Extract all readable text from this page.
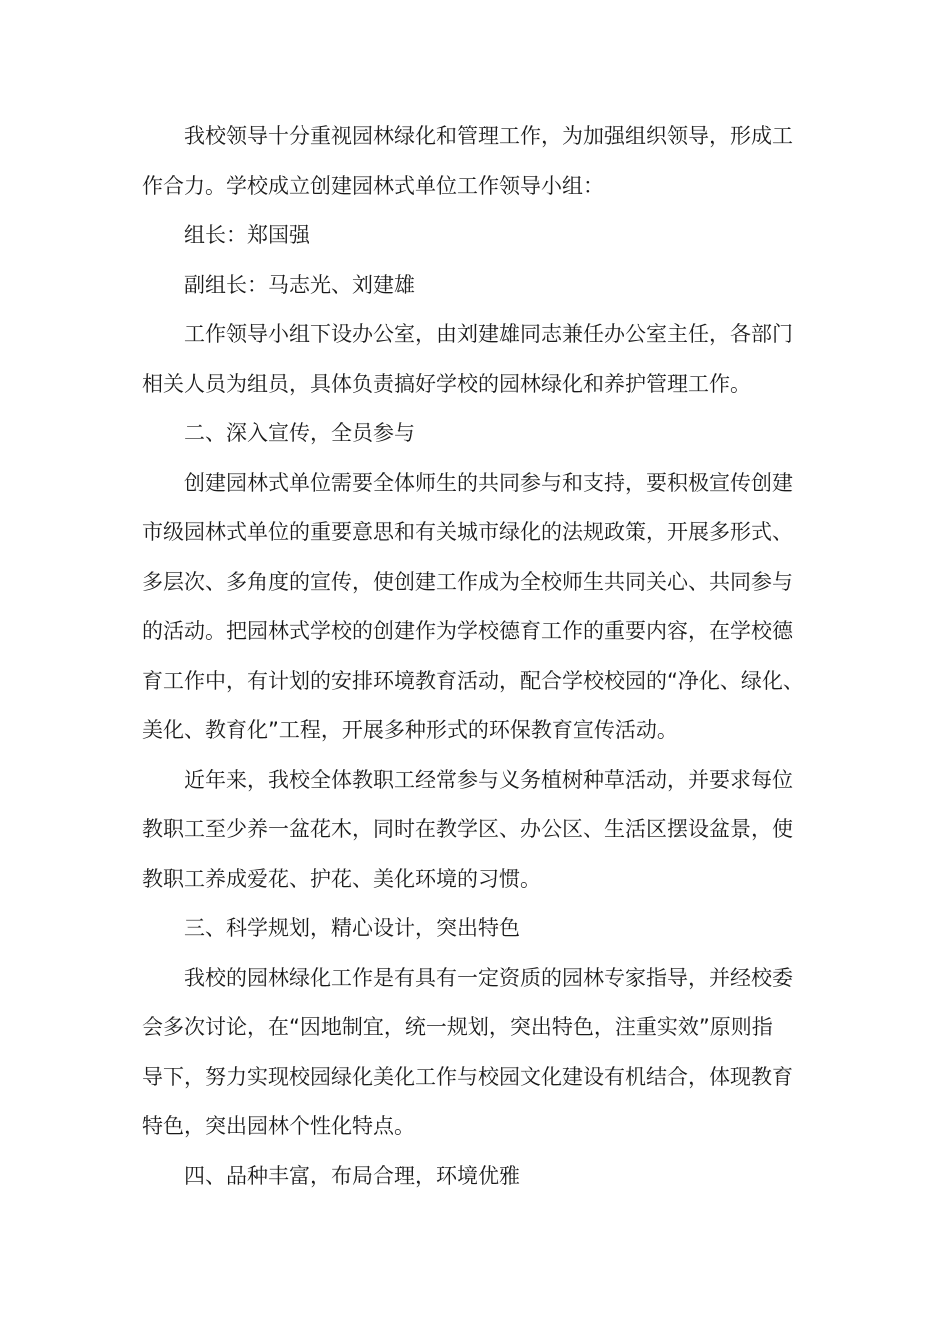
我校领导十分重视园林绿化和管理工作，为加强组织领导，形成工
作合力。学校成立创建园林式单位工作领导小组：
组长：郑国强
副组长：马志光、刘建雄
工作领导小组下设办公室，由刘建雄同志兼任办公室主任，各部门
相关人员为组员，具体负责搞好学校的园林绿化和养护管理工作。
二、深入宣传，全员参与
创建园林式单位需要全体师生的共同参与和支持，要积极宣传创建
市级园林式单位的重要意思和有关城市绿化的法规政策，开展多形式、
多层次、多角度的宣传，使创建工作成为全校师生共同关心、共同参与
的活动。把园林式学校的创建作为学校德育工作的重要内容，在学校德
育工作中，有计划的安排环境教育活动，配合学校校园的“净化、绿化、
美化、教育化”工程，开展多种形式的环保教育宣传活动。
近年来，我校全体教职工经常参与义务植树种草活动，并要求每位
教职工至少养一盆花木，同时在教学区、办公区、生活区摆设盆景，使
教职工养成爱花、护花、美化环境的习惯。
三、科学规划，精心设计，突出特色
我校的园林绿化工作是有具有一定资质的园林专家指导，并经校委
会多次讨论，在“因地制宜，统一规划，突出特色，注重实效”原则指
导下，努力实现校园绿化美化工作与校园文化建设有机结合，体现教育
特色，突出园林个性化特点。
四、品种丰富，布局合理，环境优雅
